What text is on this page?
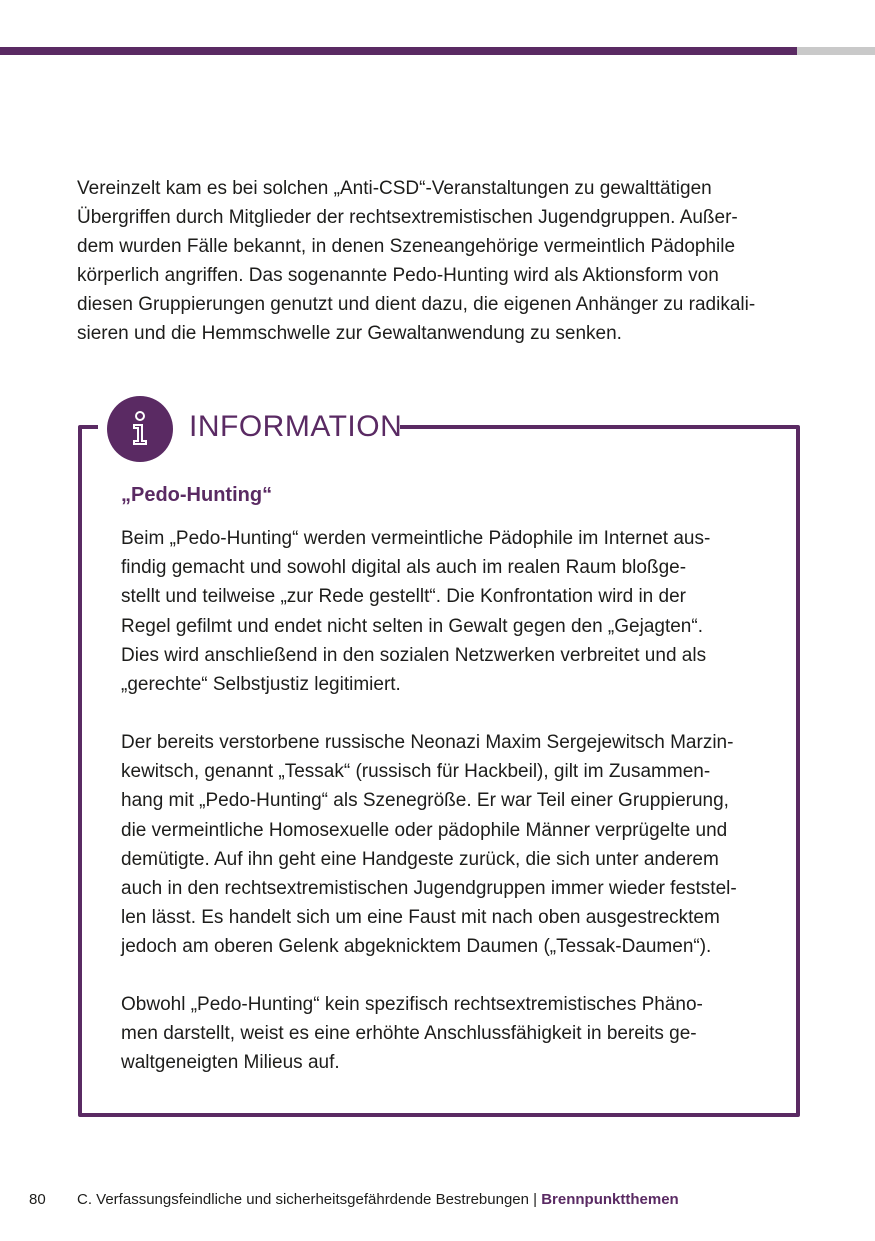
Vereinzelt kam es bei solchen „Anti-CSD“-Veranstaltungen zu gewalttätigen
Übergriffen durch Mitglieder der rechtsextremistischen Jugendgruppen. Außer-
dem wurden Fälle bekannt, in denen Szeneangehörige vermeintlich Pädophile
körperlich angriffen. Das sogenannte Pedo-Hunting wird als Aktionsform von
diesen Gruppierungen genutzt und dient dazu, die eigenen Anhänger zu radikali-
sieren und die Hemmschwelle zur Gewaltanwendung zu senken.

INFORMATION
„Pedo-Hunting“

Beim „Pedo-Hunting“ werden vermeintliche Pädophile im Internet aus-
findig gemacht und sowohl digital als auch im realen Raum bloßge-
stellt und teilweise „zur Rede gestellt“. Die Konfrontation wird in der
Regel gefilmt und endet nicht selten in Gewalt gegen den „Gejagten“.
Dies wird anschließend in den sozialen Netzwerken verbreitet und als
„gerechte“ Selbstjustiz legitimiert.

Der bereits verstorbene russische Neonazi Maxim Sergejewitsch Marzin-
kewitsch, genannt „Tessak“ (russisch für Hackbeil), gilt im Zusammen-
hang mit „Pedo-Hunting“ als Szenegröße. Er war Teil einer Gruppierung,
die vermeintliche Homosexuelle oder pädophile Männer verprügelte und
demütigte. Auf ihn geht eine Handgeste zurück, die sich unter anderem
auch in den rechtsextremistischen Jugendgruppen immer wieder feststel-
len lässt. Es handelt sich um eine Faust mit nach oben ausgestrecktem
jedoch am oberen Gelenk abgeknicktem Daumen („Tessak-Daumen“).

Obwohl „Pedo-Hunting“ kein spezifisch rechtsextremistisches Phäno-
men darstellt, weist es eine erhöhte Anschlussfähigkeit in bereits ge-
waltgeneigten Milieus auf.

80 C. Verfassungsfeindliche und sicherheitsgefährdende Bestrebungen | Brennpunktthemen
